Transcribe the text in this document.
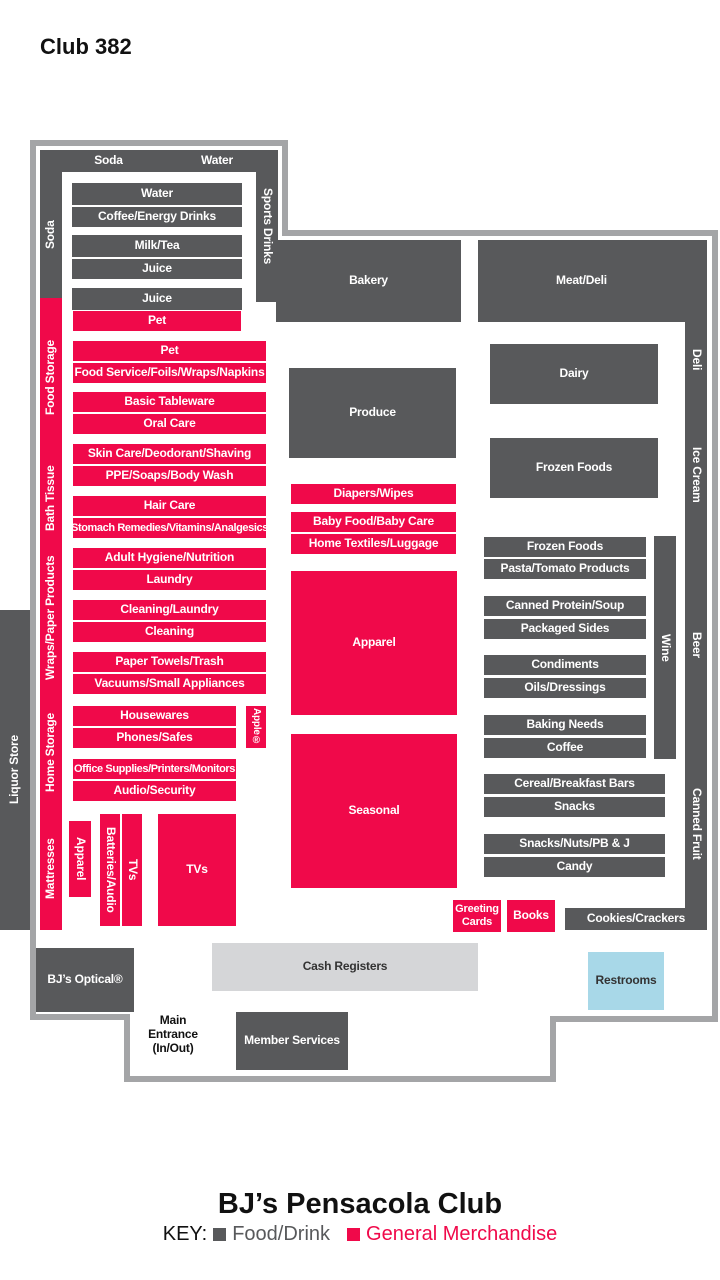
Club 382
Soda	Water
Sports Drinks
Soda
Food Storage
Bath Tissue
Wraps/Paper Products
Home Storage
Mattresses
Liquor Store
Water
Coffee/Energy Drinks
Milk/Tea
Juice
Juice
Pet
Pet
Food Service/Foils/Wraps/Napkins
Basic Tableware
Oral Care
Skin Care/Deodorant/Shaving
PPE/Soaps/Body Wash
Hair Care
Stomach Remedies/Vitamins/Analgesics
Adult Hygiene/Nutrition
Laundry
Cleaning/Laundry
Cleaning
Paper Towels/Trash
Vacuums/Small Appliances
Housewares
Phones/Safes	Apple®
Office Supplies/Printers/Monitors
Audio/Security
Apparel	Batteries/Audio TVs	TVs
Bakery	Meat/Deli
Produce
Dairy
Frozen Foods
Diapers/Wipes
Baby Food/Baby Care
Home Textiles/Luggage
Apparel
Seasonal
Frozen Foods
Pasta/Tomato Products
Canned Protein/Soup
Packaged Sides
Condiments
Oils/Dressings
Baking Needs
Coffee
Cereal/Breakfast Bars
Snacks
Snacks/Nuts/PB & J
Candy
Wine
Deli
Ice Cream
Beer
Canned Fruit
Greeting Cards	Books	Cookies/Crackers
Cash Registers
Restrooms
BJ’s Optical®
Main Entrance (In/Out)
Member Services
BJ’s Pensacola Club
KEY: Food/Drink General Merchandise
